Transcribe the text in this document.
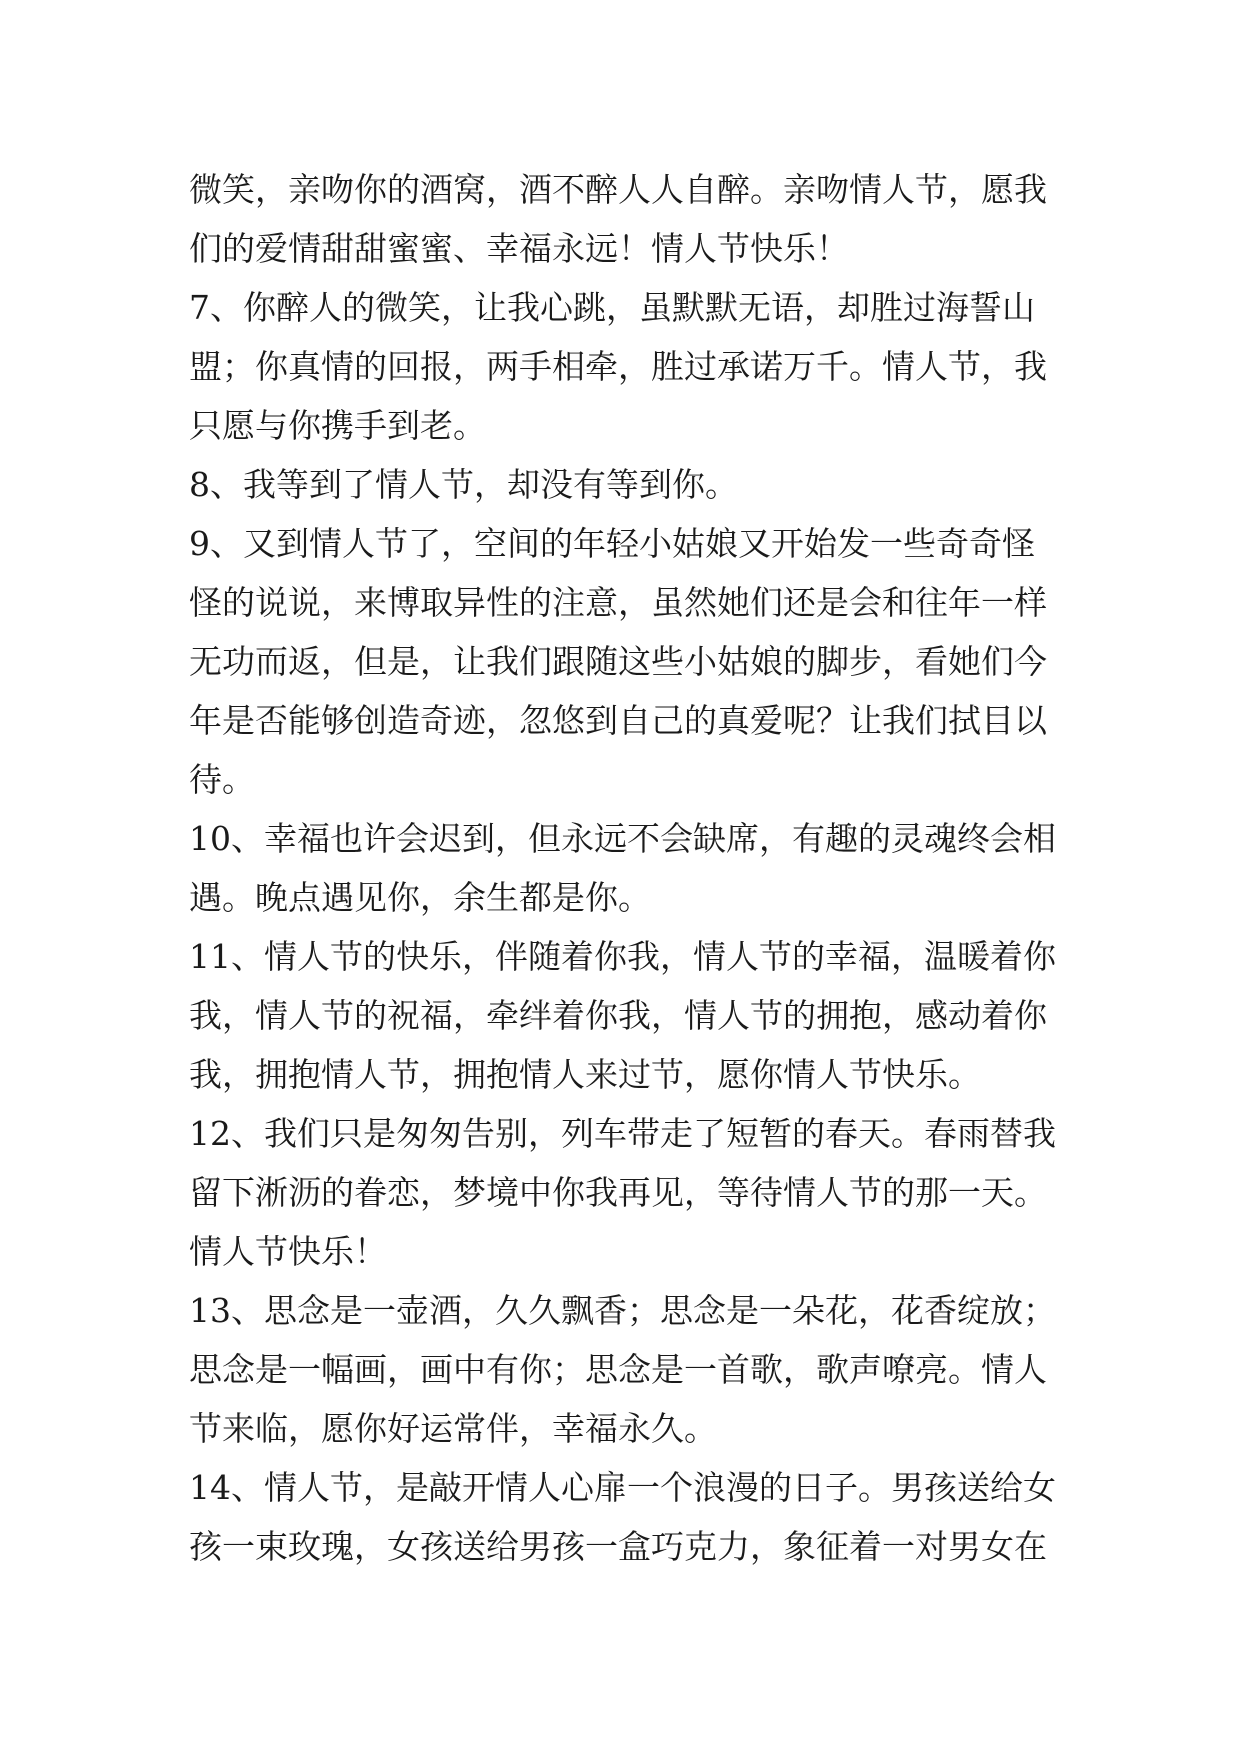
微笑，亲吻你的酒窝，酒不醉人人自醉。亲吻情人节，愿我
们的爱情甜甜蜜蜜、幸福永远！情人节快乐！
7、你醉人的微笑，让我心跳，虽默默无语，却胜过海誓山
盟；你真情的回报，两手相牵，胜过承诺万千。情人节，我
只愿与你携手到老。
8、我等到了情人节，却没有等到你。
9、又到情人节了，空间的年轻小姑娘又开始发一些奇奇怪
怪的说说，来博取异性的注意，虽然她们还是会和往年一样
无功而返，但是，让我们跟随这些小姑娘的脚步，看她们今
年是否能够创造奇迹，忽悠到自己的真爱呢？让我们拭目以
待。
10、幸福也许会迟到，但永远不会缺席，有趣的灵魂终会相
遇。晚点遇见你，余生都是你。
11、情人节的快乐，伴随着你我，情人节的幸福，温暖着你
我，情人节的祝福，牵绊着你我，情人节的拥抱，感动着你
我，拥抱情人节，拥抱情人来过节，愿你情人节快乐。
12、我们只是匆匆告别，列车带走了短暂的春天。春雨替我
留下淅沥的眷恋，梦境中你我再见，等待情人节的那一天。
情人节快乐！
13、思念是一壶酒，久久飘香；思念是一朵花，花香绽放；
思念是一幅画，画中有你；思念是一首歌，歌声嘹亮。情人
节来临，愿你好运常伴，幸福永久。
14、情人节，是敲开情人心扉一个浪漫的日子。男孩送给女
孩一束玫瑰，女孩送给男孩一盒巧克力，象征着一对男女在
